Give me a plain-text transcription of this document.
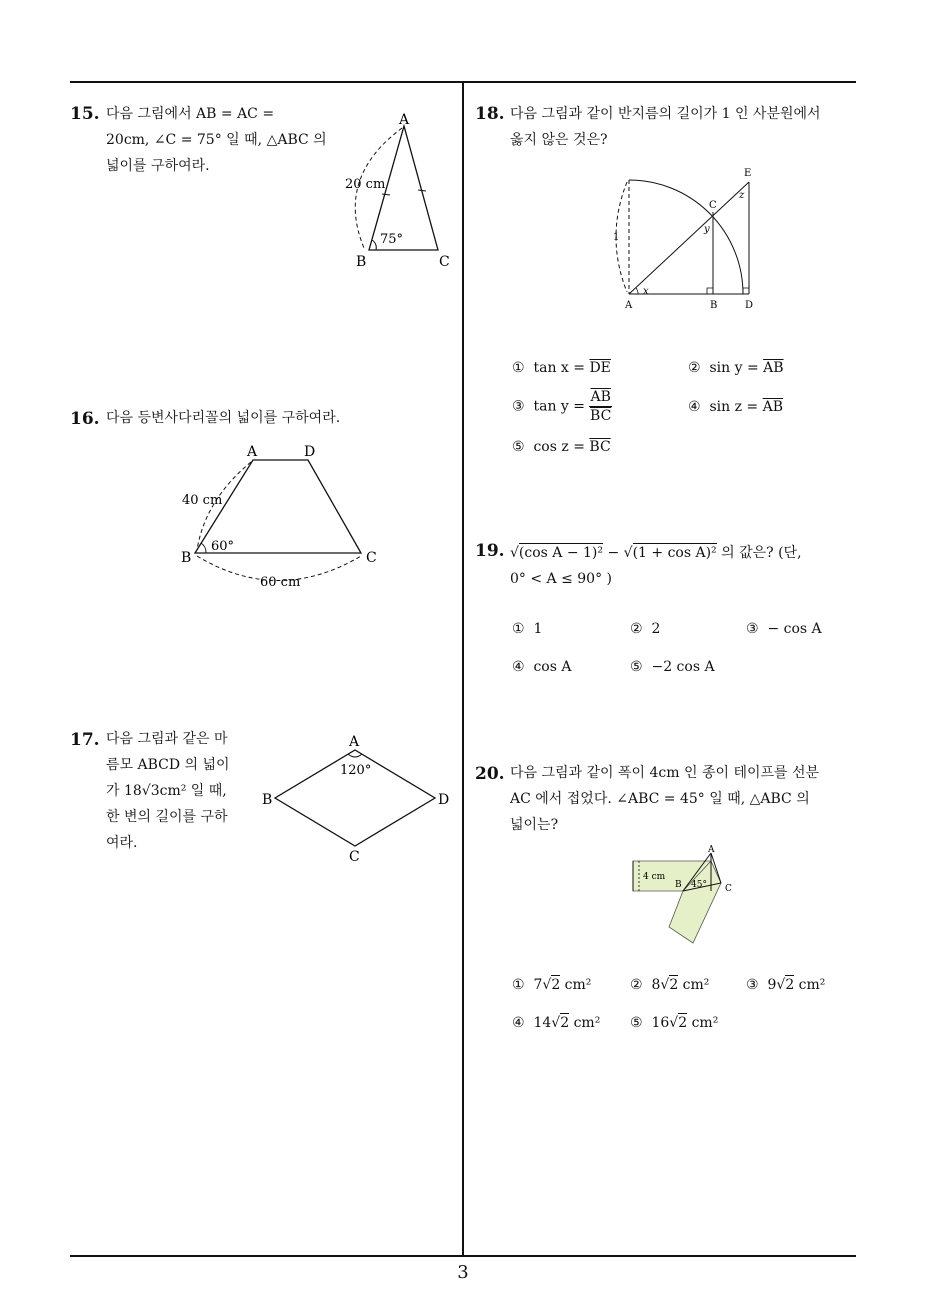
3
15. 다음 그림에서 AB = AC =
20cm, ∠C = 75° 일 때, △ABC 의
넓이를 구하여라.
A
B	C
20 cm
75°
16. 다음 등변사다리꼴의 넓이를 구하여라.
A	D
B	C
40 cm
60°
60 cm
17. 다음 그림과 같은 마
름모 ABCD 의 넓이
가 18√3cm² 일 때,
한 변의 길이를 구하
여라.
A
B
C
D
120°
18. 다음 그림과 같이 반지름의 길이가 1 인 사분원에서
옳지 않은 것은?
A	B	D
C
E
1
x
y
z
① $\tan x = \overline{DE}$	② $\sin y = \overline{AB}$
③ $\tan y = \frac{\overline{AB}}{BC}$	④ $\sin z = \overline{AB}$
⑤ $\cos z = \overline{BC}$
19. √(cos A − 1)² − √(1 + cos A)² 의 값은? (단,
0° < A ≤ 90° )
① 1	② 2	③ − cos A
④ cos A	⑤ −2 cos A
20. 다음 그림과 같이 폭이 4cm 인 종이 테이프를 선분
AC 에서 접었다. ∠ABC = 45° 일 때, △ABC 의
넓이는?
A
B	C
4 cm
45°
① 7√2 cm²	② 8√2 cm²	③ 9√2 cm²
④ 14√2 cm² ⑤ 16√2 cm²
